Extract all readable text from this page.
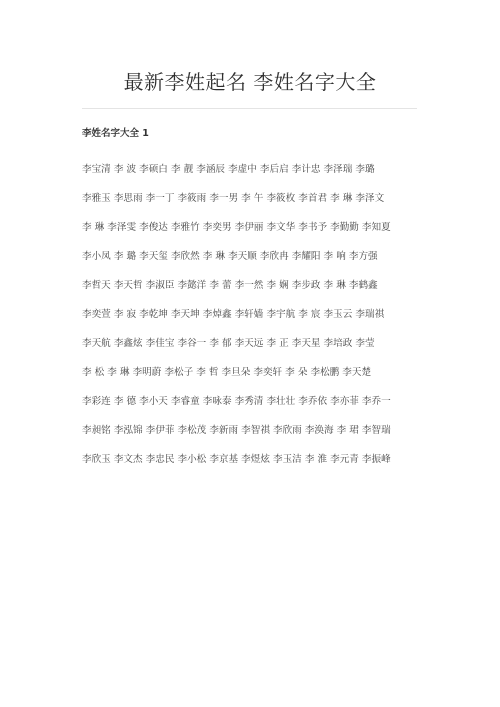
最新李姓起名 李姓名字大全
李姓名字大全 1

李宝清 李 波 李硕白 李 靓 李涵辰 李虚中 李后启 李计忠 李泽瑞 李璐

李雅玉 李思雨 李一丁 李筱雨 李一男 李 午 李筱枚 李首君 李 琳 李泽文

李 琳 李泽雯 李俊达 李雅竹 李奕男 李伊丽 李文华 李书予 李勤勤 李知夏

李小凤 李 璐 李天玺 李欣然 李 琳 李天顺 李欣冉 李耀阳 李 响 李方强

李哲天 李天哲 李淑臣 李懿洋 李 蕾 李一然 李 娴 李步政 李 琳 李鹤鑫

李奕萱 李 寂 李乾坤 李天坤 李焯鑫 李轩嫱 李宇航 李 宸 李玉云 李瑞祺

李天航 李鑫炫 李佳宝 李谷一 李 郁 李天远 李 正 李天星 李培政 李莹

李 松 李 琳 李明蔚 李松子 李 哲 李旦朵 李奕轩 李 朵 李松鹏 李天楚

李彩连 李 德 李小天 李睿童 李咏泰 李秀清 李壮壮 李乔依 李亦菲 李乔一

李昶铭 李泓锦 李伊菲 李松茂 李新雨 李智祺 李欣雨 李涣海 李 珺 李智瑞

李欣玉 李文杰 李忠民 李小松 李京基 李煜炫 李玉洁 李 淮 李元青 李振峰
